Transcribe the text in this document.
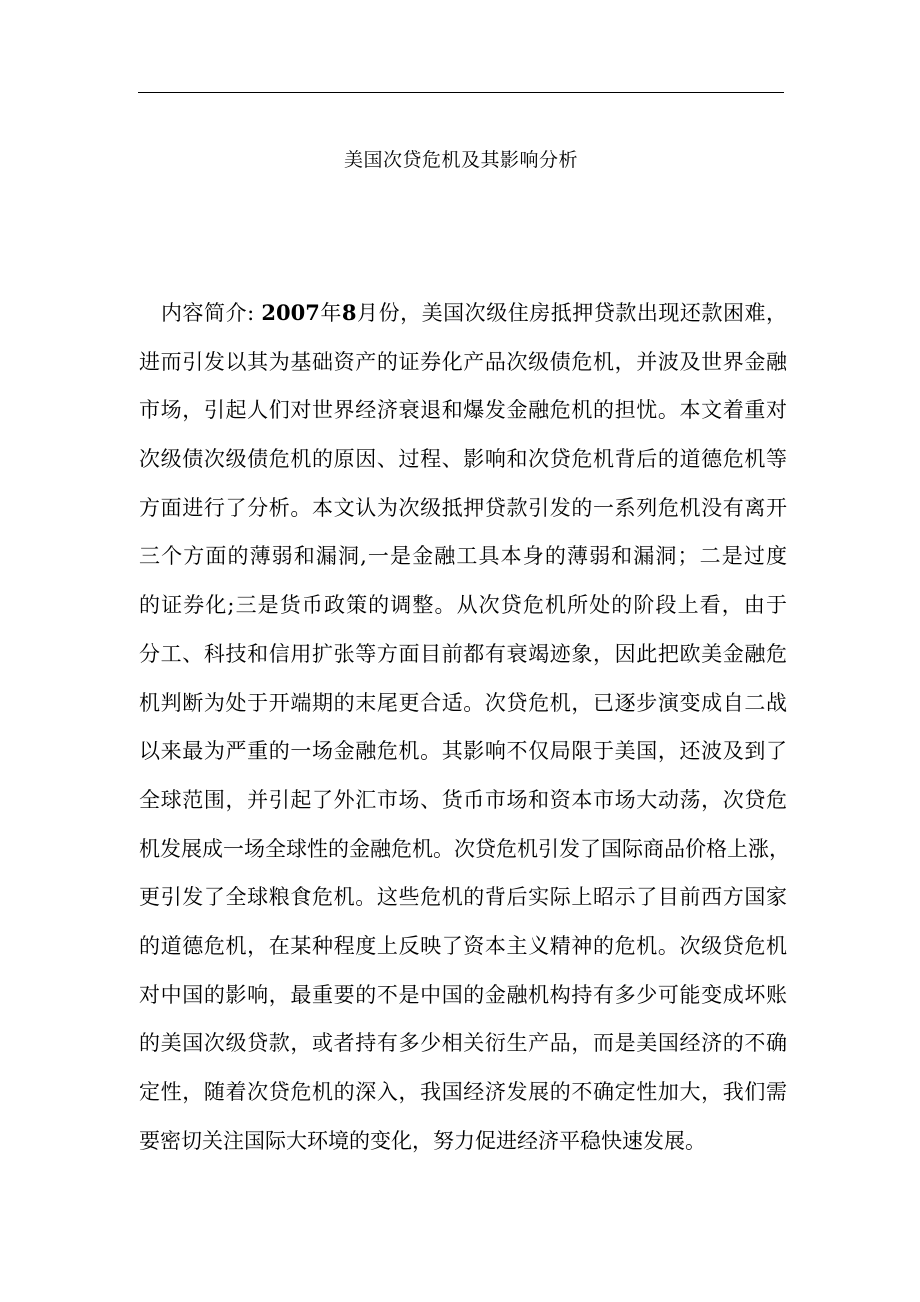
美国次贷危机及其影响分析
内容简介: 2007年8月份，美国次级住房抵押贷款出现还款困难，
进而引发以其为基础资产的证券化产品次级债危机，并波及世界金融
市场，引起人们对世界经济衰退和爆发金融危机的担忧。本文着重对
次级债次级债危机的原因、过程、影响和次贷危机背后的道德危机等
方面进行了分析。本文认为次级抵押贷款引发的一系列危机没有离开
三个方面的薄弱和漏洞,一是金融工具本身的薄弱和漏洞；二是过度
的证券化;三是货币政策的调整。从次贷危机所处的阶段上看，由于
分工、科技和信用扩张等方面目前都有衰竭迹象，因此把欧美金融危
机判断为处于开端期的末尾更合适。次贷危机，已逐步演变成自二战
以来最为严重的一场金融危机。其影响不仅局限于美国，还波及到了
全球范围，并引起了外汇市场、货币市场和资本市场大动荡，次贷危
机发展成一场全球性的金融危机。次贷危机引发了国际商品价格上涨，
更引发了全球粮食危机。这些危机的背后实际上昭示了目前西方国家
的道德危机，在某种程度上反映了资本主义精神的危机。次级贷危机
对中国的影响，最重要的不是中国的金融机构持有多少可能变成坏账
的美国次级贷款，或者持有多少相关衍生产品，而是美国经济的不确
定性，随着次贷危机的深入，我国经济发展的不确定性加大，我们需
要密切关注国际大环境的变化，努力促进经济平稳快速发展。
